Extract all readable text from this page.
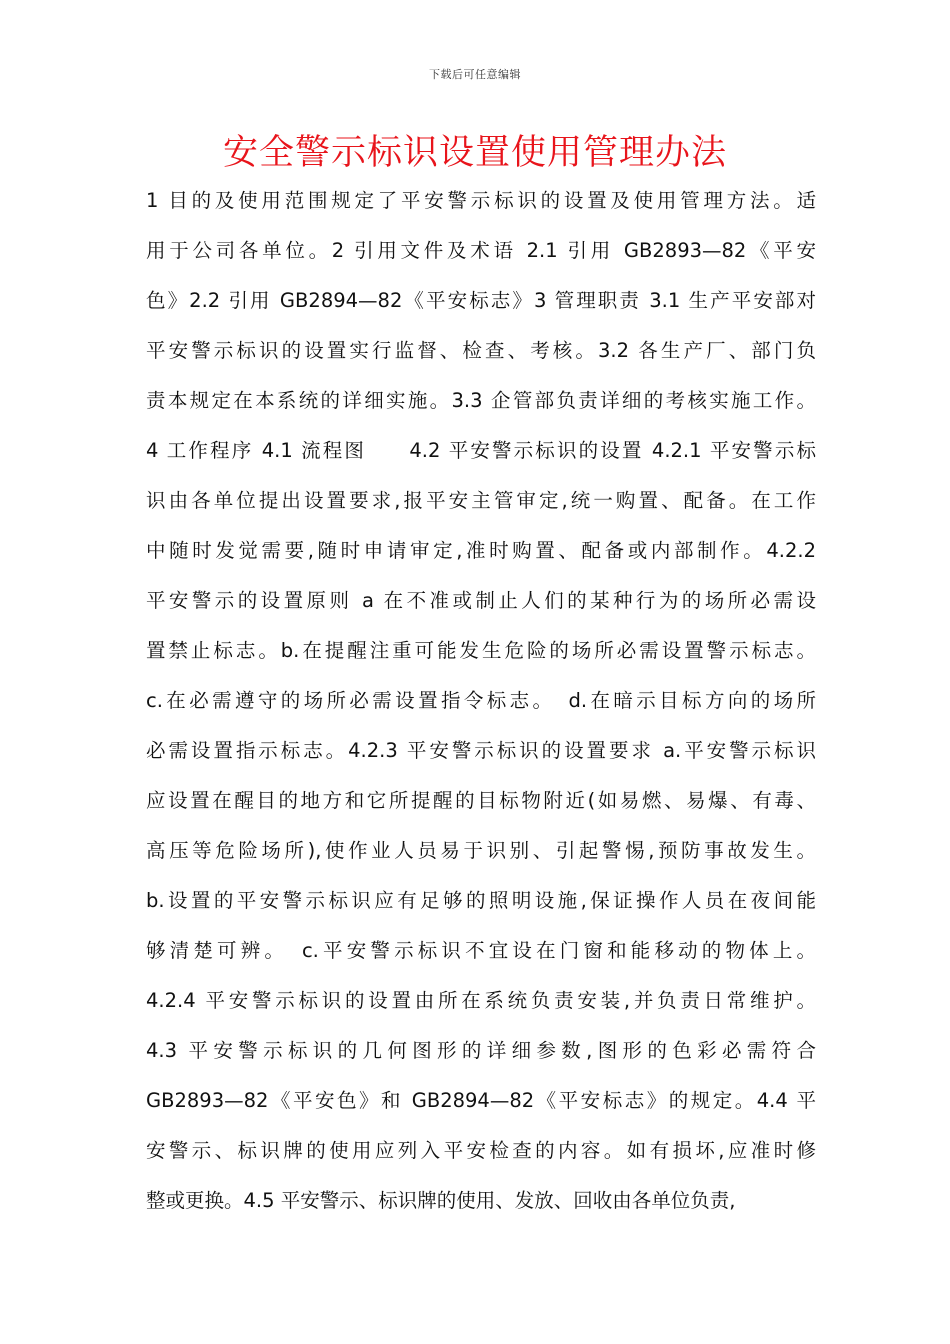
下载后可任意编辑
安全警示标识设置使用管理办法
1 目的及使用范围规定了平安警示标识的设置及使用管理方法。适
用于公司各单位。2 引用文件及术语 2.1 引用 GB2893—82《平安
色》2.2 引用 GB2894—82《平安标志》3 管理职责 3.1 生产平安部对
平安警示标识的设置实行监督、检查、考核。3.2 各生产厂、部门负
责本规定在本系统的详细实施。3.3 企管部负责详细的考核实施工作。
4 工作程序 4.1 流程图　　4.2 平安警示标识的设置 4.2.1 平安警示标
识由各单位提出设置要求,报平安主管审定,统一购置、配备。在工作
中随时发觉需要,随时申请审定,准时购置、配备或内部制作。4.2.2
平安警示的设置原则 a 在不准或制止人们的某种行为的场所必需设
置禁止标志。b.在提醒注重可能发生危险的场所必需设置警示标志。
c.在必需遵守的场所必需设置指令标志。　d.在暗示目标方向的场所
必需设置指示标志。4.2.3 平安警示标识的设置要求 a.平安警示标识
应设置在醒目的地方和它所提醒的目标物附近(如易燃、易爆、有毒、
高压等危险场所),使作业人员易于识别、引起警惕,预防事故发生。
b.设置的平安警示标识应有足够的照明设施,保证操作人员在夜间能
够清楚可辨。　c.平安警示标识不宜设在门窗和能移动的物体上。
4.2.4 平安警示标识的设置由所在系统负责安装,并负责日常维护。
4.3 平安警示标识的几何图形的详细参数,图形的色彩必需符合
GB2893—82《平安色》和 GB2894—82《平安标志》的规定。4.4 平
安警示、标识牌的使用应列入平安检查的内容。如有损坏,应准时修
整或更换。4.5 平安警示、标识牌的使用、发放、回收由各单位负责,
